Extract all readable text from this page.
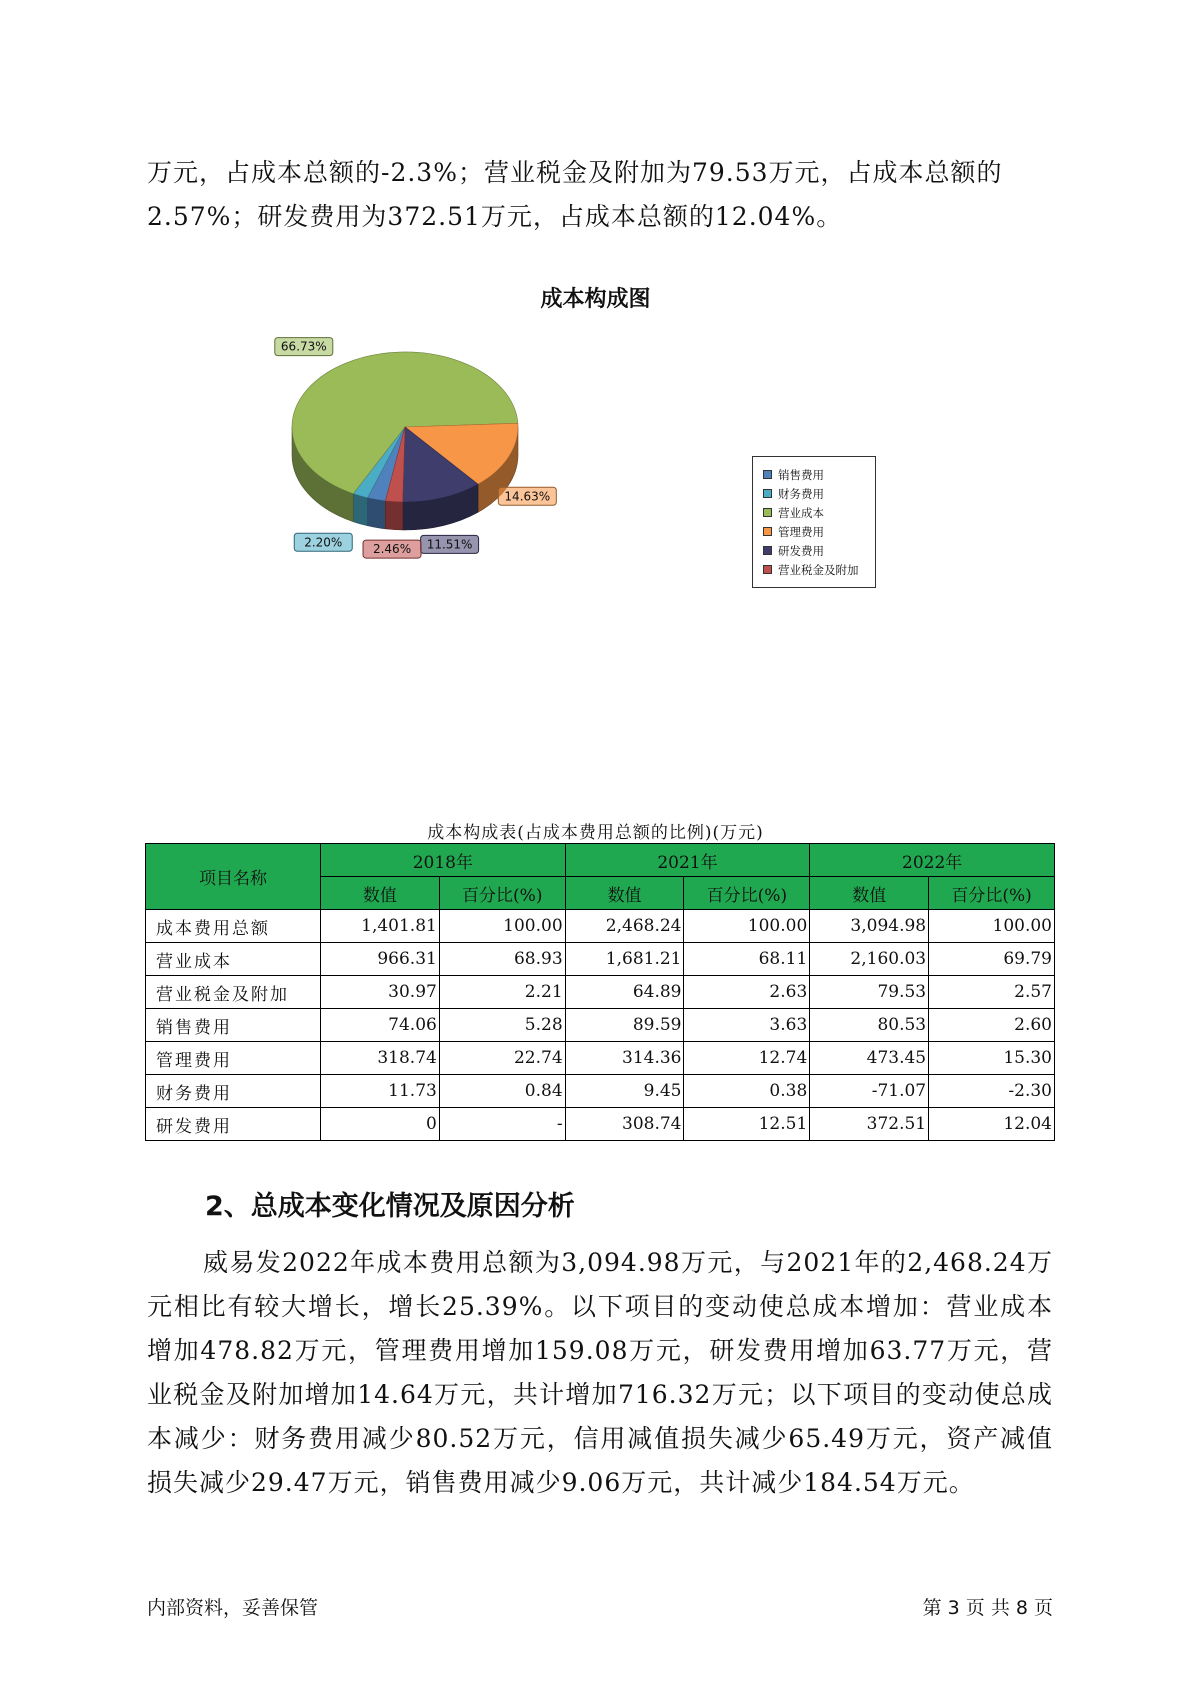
万元，占成本总额的-2.3%；营业税金及附加为79.53万元，占成本总额的2.57%；研发费用为372.51万元，占成本总额的12.04%。

成本构成图
2.20%
66.73%
14.63%
11.51%
2.46%
销售费用
财务费用
营业成本
管理费用
研发费用
营业税金及附加
成本构成表(占成本费用总额的比例)(万元)
项目名称	2018年		2021年		2022年	
	数值	百分比(%)	数值	百分比(%)	数值	百分比(%)
成本费用总额	1,401.81	100.00	2,468.24	100.00	3,094.98	100.00
营业成本	966.31	68.93	1,681.21	68.11	2,160.03	69.79
营业税金及附加	30.97	2.21	64.89	2.63	79.53	2.57
销售费用	74.06	5.28	89.59	3.63	80.53	2.60
管理费用	318.74	22.74	314.36	12.74	473.45	15.30
财务费用	11.73	0.84	9.45	0.38	-71.07	-2.30
研发费用	0	-	308.74	12.51	372.51	12.04
2、总成本变化情况及原因分析

威易发2022年成本费用总额为3,094.98万元，与2021年的2,468.24万元相比有较大增长，增长25.39%。以下项目的变动使总成本增加：营业成本增加478.82万元，管理费用增加159.08万元，研发费用增加63.77万元，营业税金及附加增加14.64万元，共计增加716.32万元；以下项目的变动使总成本减少：财务费用减少80.52万元，信用减值损失减少65.49万元，资产减值损失减少29.47万元，销售费用减少9.06万元，共计减少184.54万元。

内部资料，妥善保管	第 3 页 共 8 页
